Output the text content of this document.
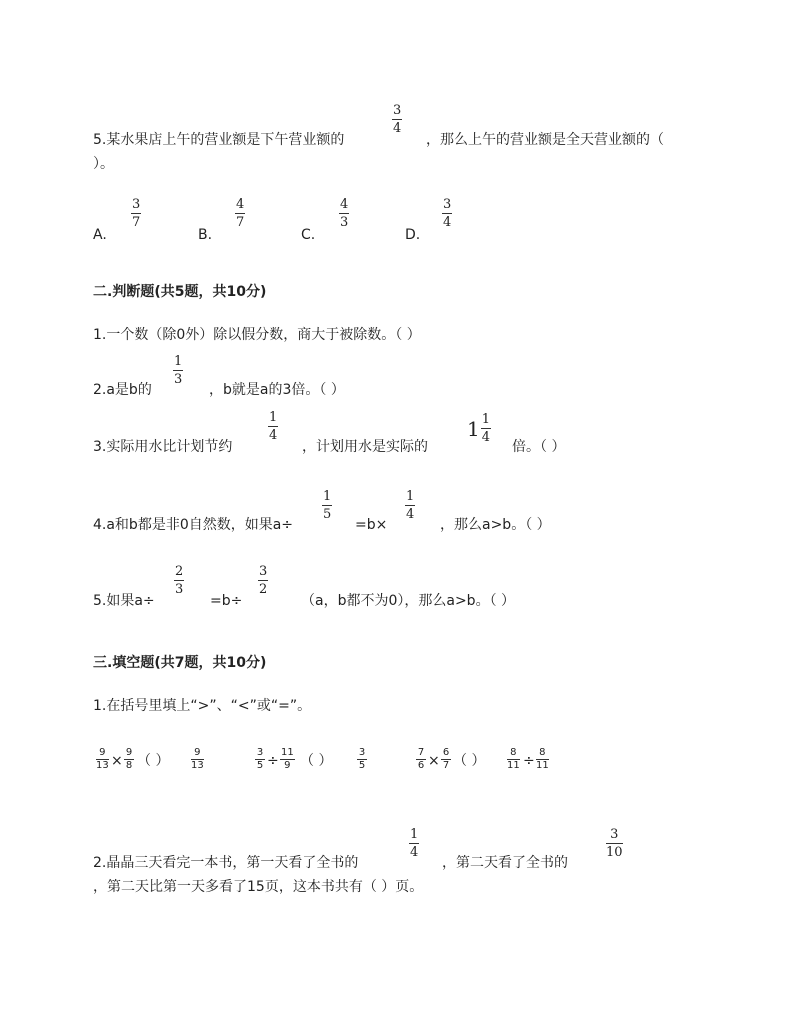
5.某水果店上午的营业额是下午营业额的
3
4
，那么上午的营业额是全天营业额的（
）。
A.
3
7
B.
4
7
C.
4
3
D.
3
4
二.判断题(共5题，共10分)
1.一个数（除0外）除以假分数，商大于被除数。（ ）
2.a是b的
1
3
，b就是a的3倍。（ ）
3.实际用水比计划节约
1
4
，计划用水是实际的
$1 \frac{1}{4}$
倍。（ ）
4.a和b都是非0自然数，如果a÷
1
5
=b×
1
4
，那么a>b。（ ）
5.如果a÷
2
3
=b÷
3
2
（a，b都不为0），那么a>b。（ ）
三.填空题(共7题，共10分)
1.在括号里填上“>”、“<”或“=”。
9
13 ×
9
8 （ ）
9
13
3
5 ÷
11
9 （ ）
3
5
7
6 ×
6
7 （ ）
8
11 ÷
8
11
2.晶晶三天看完一本书，第一天看了全书的
1
4
，第二天看了全书的
3
10
，第二天比第一天多看了15页，这本书共有（ ）页。
